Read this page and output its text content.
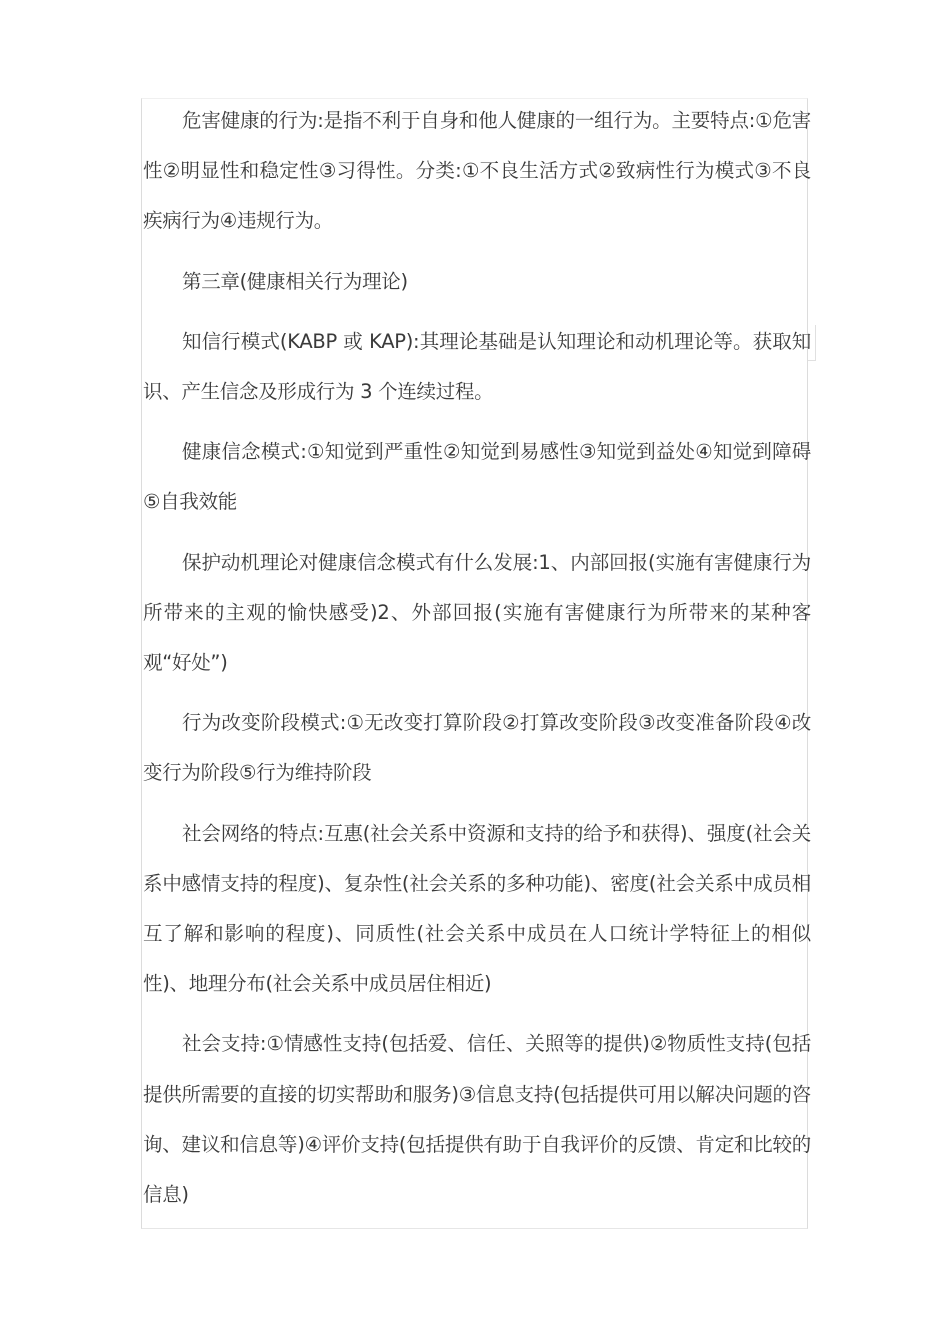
危害健康的行为:是指不利于自身和他人健康的一组行为。主要特点:①危害性②明显性和稳定性③习得性。分类:①不良生活方式②致病性行为模式③不良疾病行为④违规行为。

第三章(健康相关行为理论)

知信行模式(KABP 或 KAP):其理论基础是认知理论和动机理论等。获取知识、产生信念及形成行为 3 个连续过程。

健康信念模式:①知觉到严重性②知觉到易感性③知觉到益处④知觉到障碍⑤自我效能

保护动机理论对健康信念模式有什么发展:1、内部回报(实施有害健康行为所带来的主观的愉快感受)2、外部回报(实施有害健康行为所带来的某种客观“好处”)

行为改变阶段模式:①无改变打算阶段②打算改变阶段③改变准备阶段④改变行为阶段⑤行为维持阶段

社会网络的特点:互惠(社会关系中资源和支持的给予和获得)、强度(社会关系中感情支持的程度)、复杂性(社会关系的多种功能)、密度(社会关系中成员相互了解和影响的程度)、同质性(社会关系中成员在人口统计学特征上的相似性)、地理分布(社会关系中成员居住相近)

社会支持:①情感性支持(包括爱、信任、关照等的提供)②物质性支持(包括提供所需要的直接的切实帮助和服务)③信息支持(包括提供可用以解决问题的咨询、建议和信息等)④评价支持(包括提供有助于自我评价的反馈、肯定和比较的信息)
